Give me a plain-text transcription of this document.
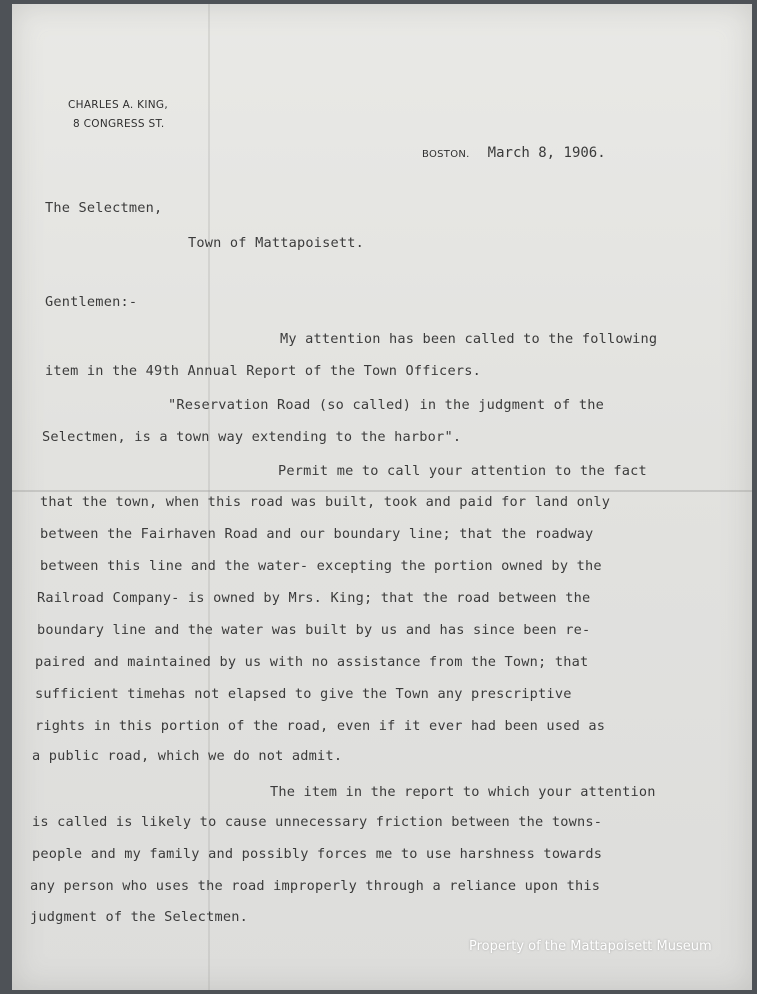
CHARLES A. KING,
8 CONGRESS ST.
BOSTON. March 8, 1906.
The Selectmen,
Town of Mattapoisett.
Gentlemen:-
My attention has been called to the following
item in the 49th Annual Report of the Town Officers.
"Reservation Road (so called) in the judgment of the
Selectmen, is a town way extending to the harbor".
Permit me to call your attention to the fact
that the town, when this road was built, took and paid for land only
between the Fairhaven Road and our boundary line; that the roadway
between this line and the water- excepting the portion owned by the
Railroad Company- is owned by Mrs. King; that the road between the
boundary line and the water was built by us and has since been re-
paired and maintained by us with no assistance from the Town; that
sufficient timehas not elapsed to give the Town any prescriptive
rights in this portion of the road, even if it ever had been used as
a public road, which we do not admit.
The item in the report to which your attention
is called is likely to cause unnecessary friction between the towns-
people and my family and possibly forces me to use harshness towards
any person who uses the road improperly through a reliance upon this
judgment of the Selectmen.
Property of the Mattapoisett Museum
